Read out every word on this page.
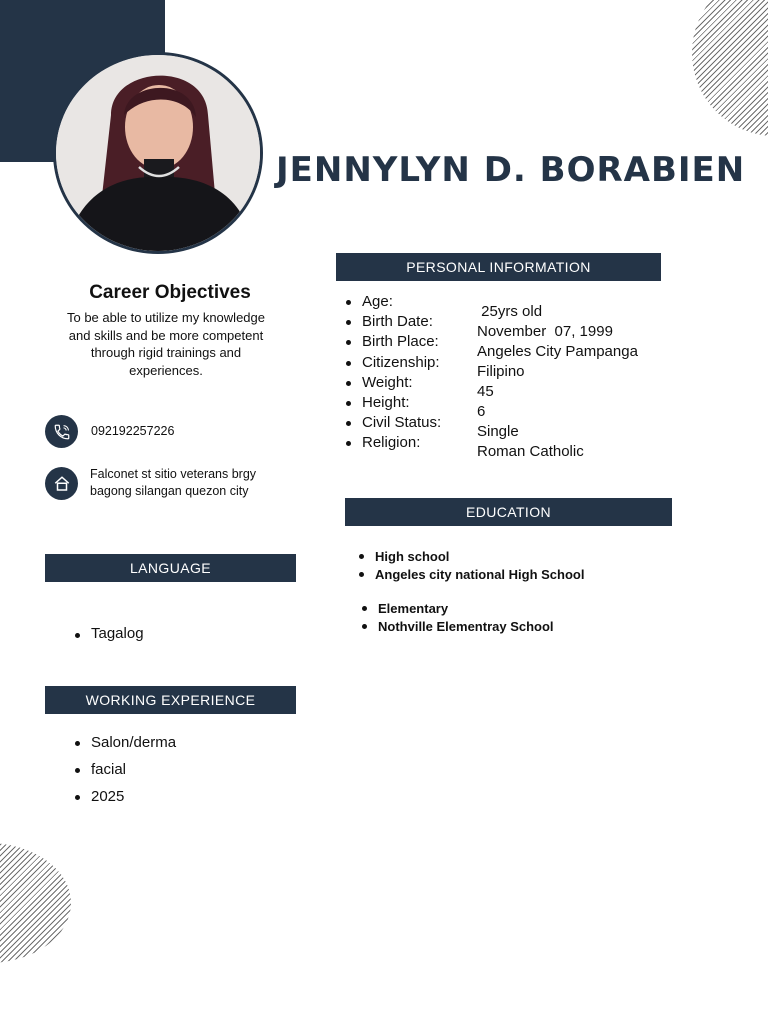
JENNYLYN D. BORABIEN
Career Objectives
To be able to utilize my knowledge and skills and be more competent through rigid trainings and experiences.
092192257226
Falconet st sitio veterans brgy bagong silangan quezon city
PERSONAL INFORMATION
Age:
Birth Date:
Birth Place:
Citizenship:
Weight:
Height:
Civil Status:
Religion:
25yrs old
November  07, 1999
Angeles City Pampanga
Filipino
45
6
Single
Roman Catholic
EDUCATION
High school
Angeles city national High School
Elementary
Nothville Elementray School
LANGUAGE
Tagalog
WORKING EXPERIENCE
Salon/derma
facial
2025
